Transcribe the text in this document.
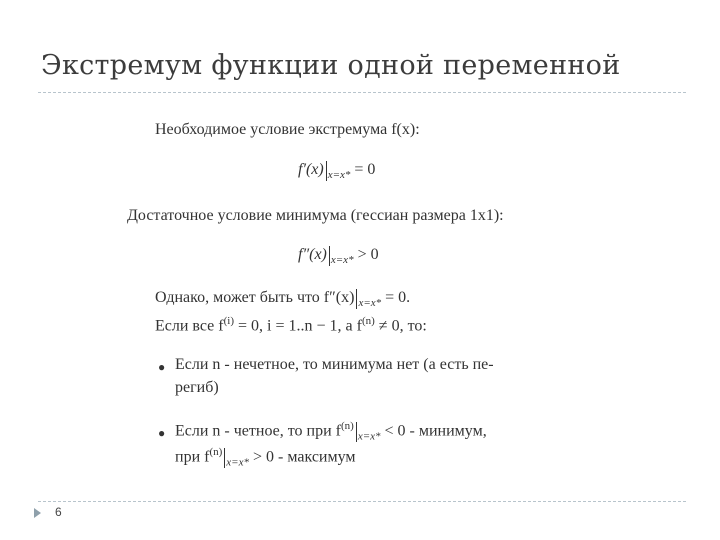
Экстремум функции одной переменной
Необходимое условие экстремума f(x):
f′(x) $_{x=x*}$ = 0
Достаточное условие минимума (гессиан размера 1x1):
f″(x) $_{x=x*}$ > 0
Однако, может быть что f″(x) $_{x=x*}$ = 0.
Если все $f^{(i)} = 0$, i = 1..n − 1, а $f^{(n)} \ne 0$, то:
● Если n - нечетное, то минимума нет (а есть пе-
региб)
● Если n - четное, то при $f^{(n)}_{x=x*} < 0$ - минимум,
при $f^{(n)}_{x=x*} > 0$ - максимум
6
